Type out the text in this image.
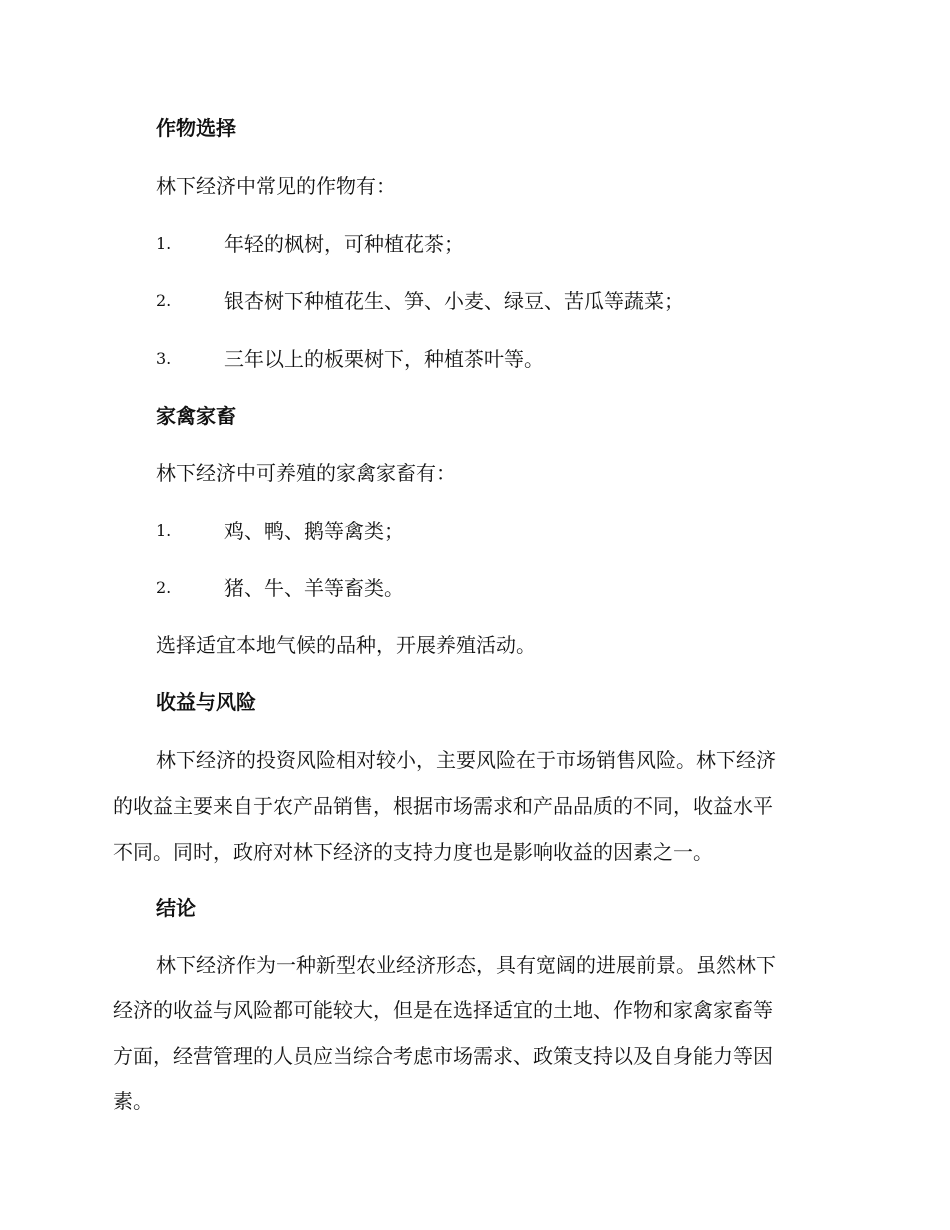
作物选择
林下经济中常见的作物有：
1.	年轻的枫树，可种植花茶；
2.	银杏树下种植花生、笋、小麦、绿豆、苦瓜等蔬菜；
3.	三年以上的板栗树下，种植茶叶等。
家禽家畜
林下经济中可养殖的家禽家畜有：
1.	鸡、鸭、鹅等禽类；
2.	猪、牛、羊等畜类。
选择适宜本地气候的品种，开展养殖活动。
收益与风险
林下经济的投资风险相对较小，主要风险在于市场销售风险。林下经济
的收益主要来自于农产品销售，根据市场需求和产品品质的不同，收益水平
不同。同时，政府对林下经济的支持力度也是影响收益的因素之一。
结论
林下经济作为一种新型农业经济形态，具有宽阔的进展前景。虽然林下
经济的收益与风险都可能较大，但是在选择适宜的土地、作物和家禽家畜等
方面，经营管理的人员应当综合考虑市场需求、政策支持以及自身能力等因
素。
